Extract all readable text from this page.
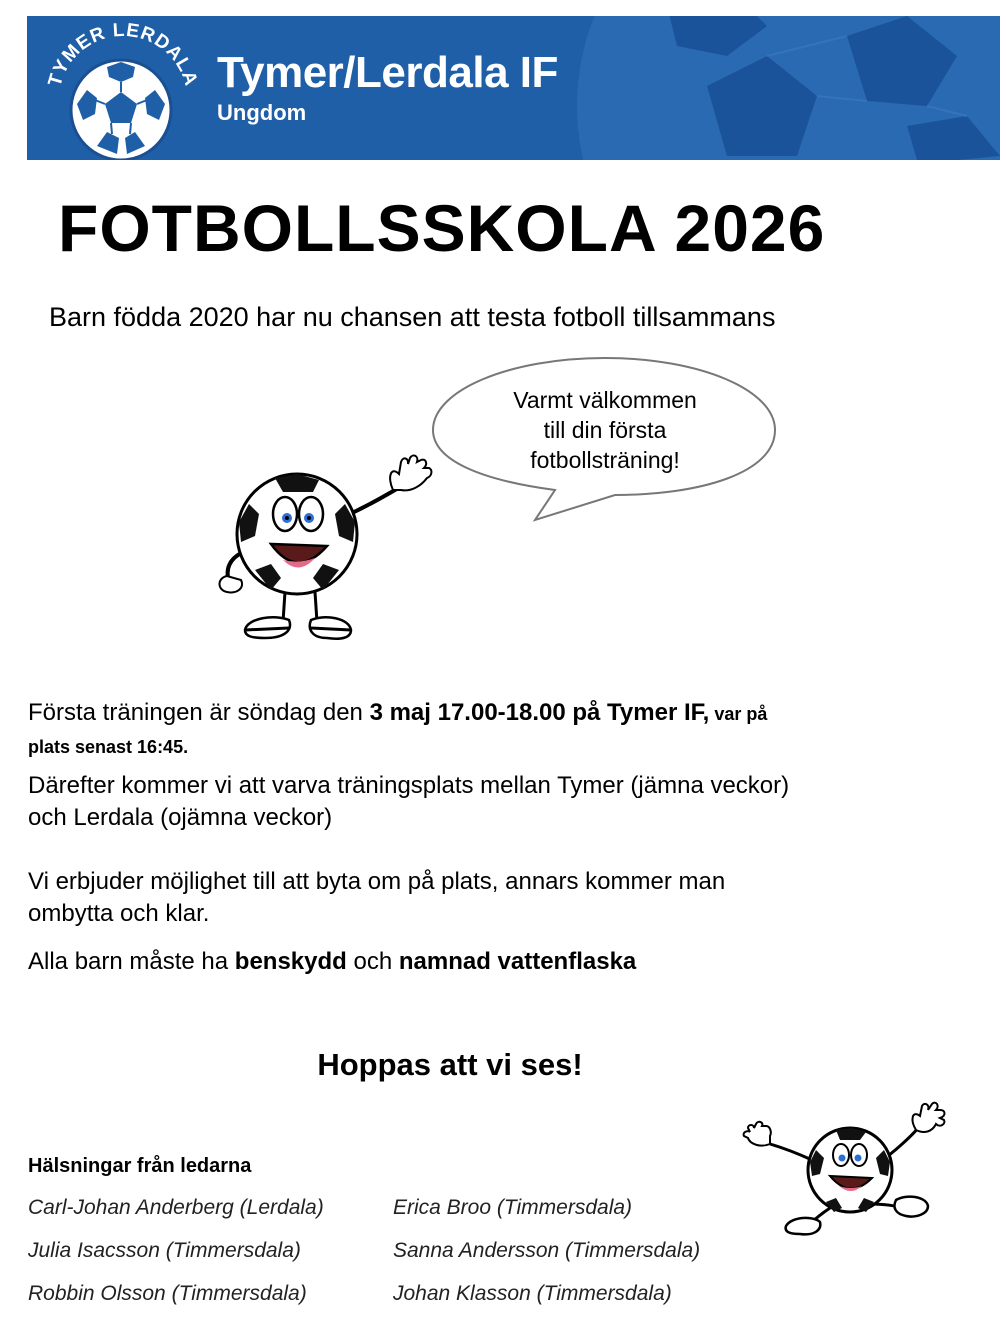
TYMER LERDALA Tymer/Lerdala IF
Ungdom
FOTBOLLSSKOLA 2026
Barn födda 2020 har nu chansen att testa fotboll tillsammans
Varmt välkommen
till din första
fotbollsträning!
Första träningen är söndag den 3 maj 17.00-18.00 på Tymer IF, var på
plats senast 16:45.
Därefter kommer vi att varva träningsplats mellan Tymer (jämna veckor)
och Lerdala (ojämna veckor)
Vi erbjuder möjlighet till att byta om på plats, annars kommer man
ombytta och klar.
Alla barn måste ha benskydd och namnad vattenflaska
Hoppas att vi ses!
Hälsningar från ledarna
Carl-Johan Anderberg (Lerdala)
Julia Isacsson (Timmersdala)
Robbin Olsson (Timmersdala)
Erica Broo (Timmersdala)
Sanna Andersson (Timmersdala)
Johan Klasson (Timmersdala)
